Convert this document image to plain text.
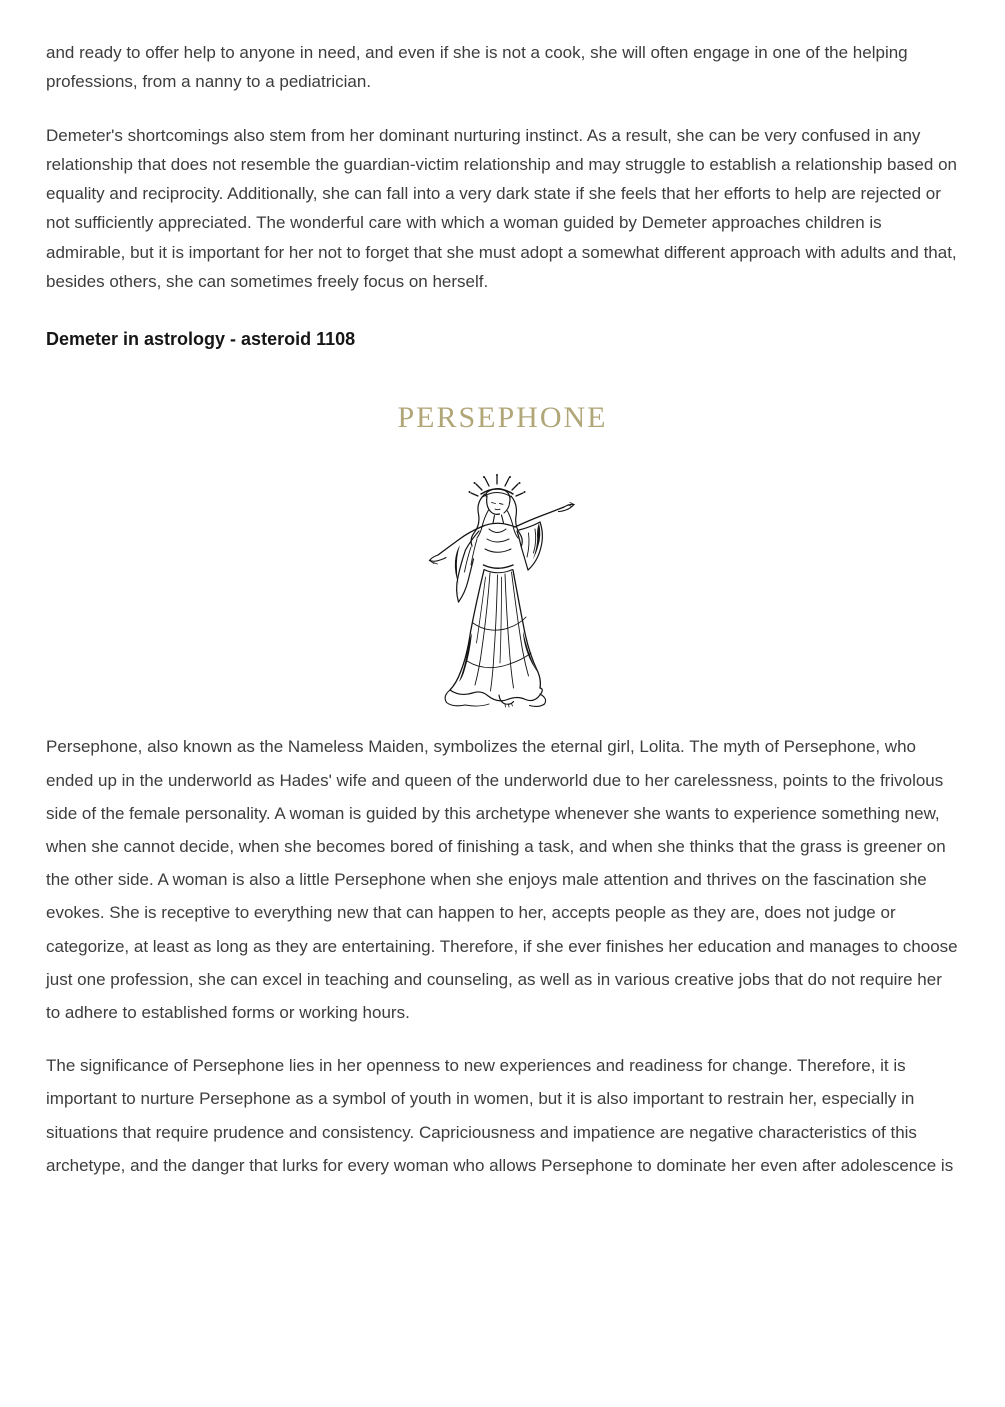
and ready to offer help to anyone in need, and even if she is not a cook, she will often engage in one of the helping professions, from a nanny to a pediatrician.

Demeter's shortcomings also stem from her dominant nurturing instinct. As a result, she can be very confused in any relationship that does not resemble the guardian-victim relationship and may struggle to establish a relationship based on equality and reciprocity. Additionally, she can fall into a very dark state if she feels that her efforts to help are rejected or not sufficiently appreciated. The wonderful care with which a woman guided by Demeter approaches children is admirable, but it is important for her not to forget that she must adopt a somewhat different approach with adults and that, besides others, she can sometimes freely focus on herself.

Demeter in astrology - asteroid 1108
PERSEPHONE

Persephone, also known as the Nameless Maiden, symbolizes the eternal girl, Lolita. The myth of Persephone, who ended up in the underworld as Hades' wife and queen of the underworld due to her carelessness, points to the frivolous side of the female personality. A woman is guided by this archetype whenever she wants to experience something new, when she cannot decide, when she becomes bored of finishing a task, and when she thinks that the grass is greener on the other side. A woman is also a little Persephone when she enjoys male attention and thrives on the fascination she evokes. She is receptive to everything new that can happen to her, accepts people as they are, does not judge or categorize, at least as long as they are entertaining. Therefore, if she ever finishes her education and manages to choose just one profession, she can excel in teaching and counseling, as well as in various creative jobs that do not require her to adhere to established forms or working hours.

The significance of Persephone lies in her openness to new experiences and readiness for change. Therefore, it is important to nurture Persephone as a symbol of youth in women, but it is also important to restrain her, especially in situations that require prudence and consistency. Capriciousness and impatience are negative characteristics of this archetype, and the danger that lurks for every woman who allows Persephone to dominate her even after adolescence is
